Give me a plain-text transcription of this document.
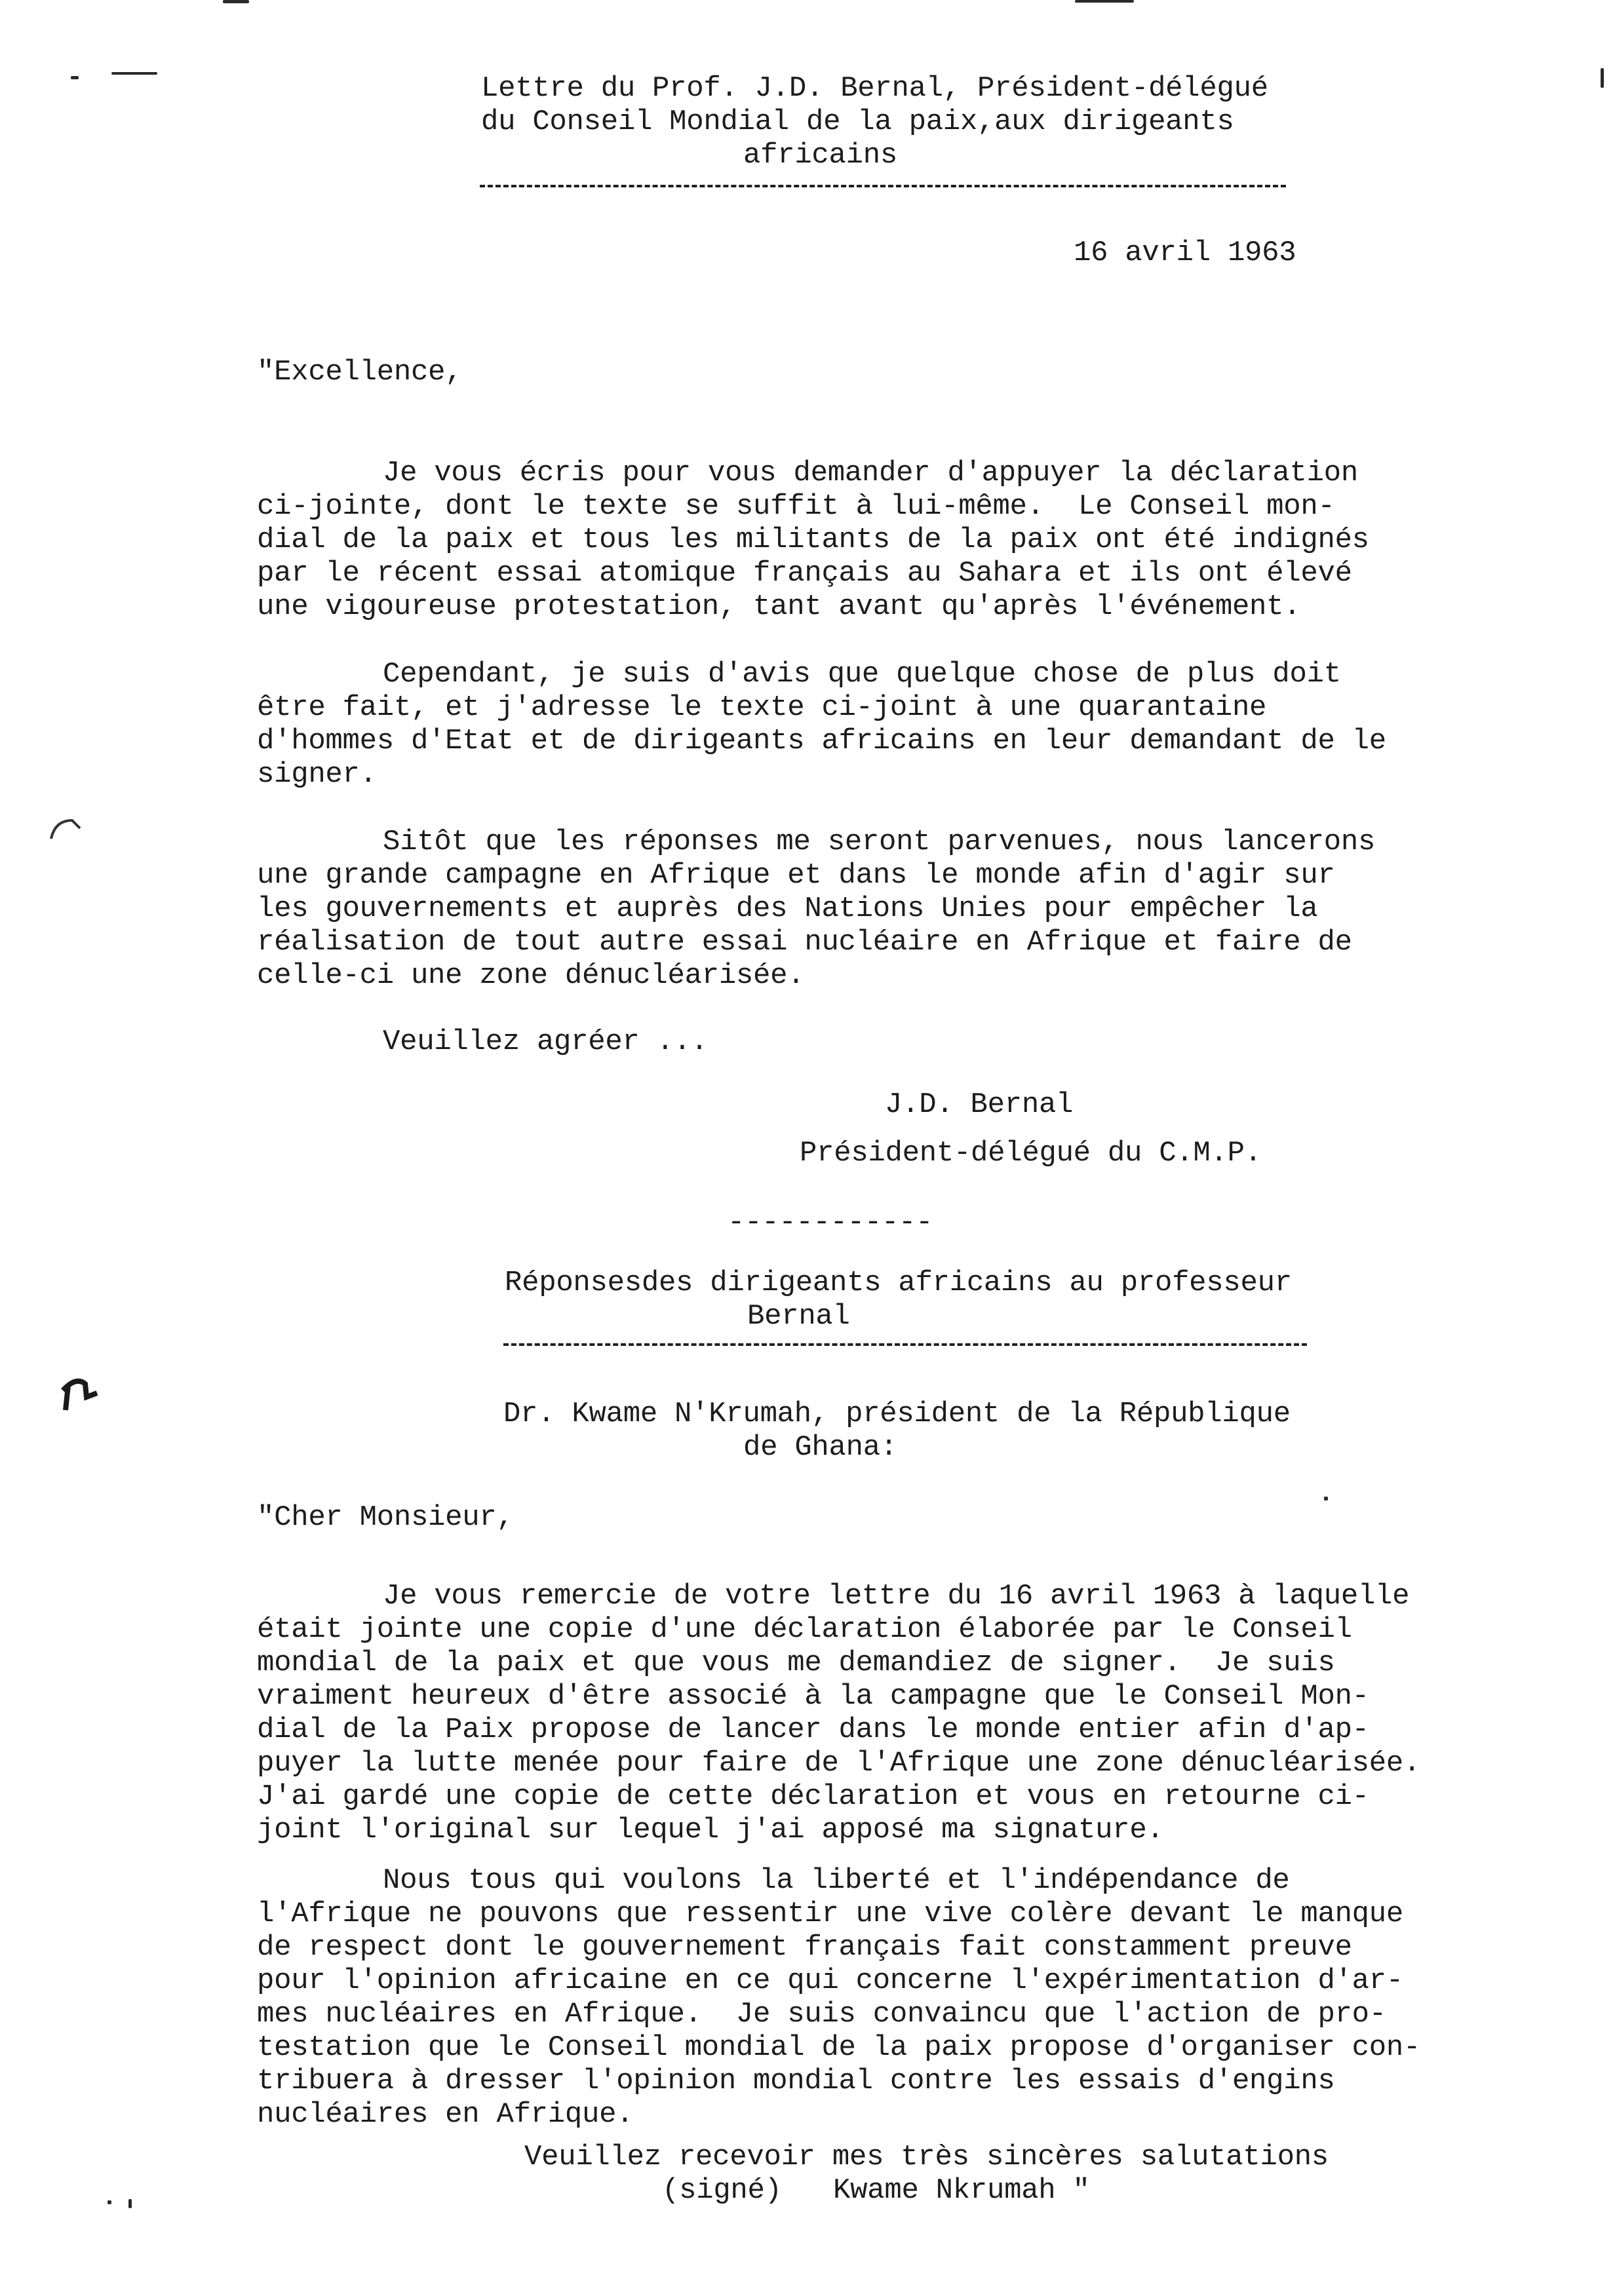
Lettre du Prof. J.D. Bernal, Président-délégué
du Conseil Mondial de la paix,aux dirigeants
africains
16 avril 1963
"Excellence,
Je vous écris pour vous demander d'appuyer la déclaration
ci-jointe, dont le texte se suffit à lui-même.  Le Conseil mon-
dial de la paix et tous les militants de la paix ont été indignés
par le récent essai atomique français au Sahara et ils ont élevé
une vigoureuse protestation, tant avant qu'après l'événement.
Cependant, je suis d'avis que quelque chose de plus doit
être fait, et j'adresse le texte ci-joint à une quarantaine
d'hommes d'Etat et de dirigeants africains en leur demandant de le
signer.
Sitôt que les réponses me seront parvenues, nous lancerons
une grande campagne en Afrique et dans le monde afin d'agir sur
les gouvernements et auprès des Nations Unies pour empêcher la
réalisation de tout autre essai nucléaire en Afrique et faire de
celle-ci une zone dénucléarisée.
Veuillez agréer ...
J.D. Bernal
Président-délégué du C.M.P.
------------
Réponsesdes dirigeants africains au professeur
Bernal
Dr. Kwame N'Krumah, président de la République
de Ghana:
"Cher Monsieur,
Je vous remercie de votre lettre du 16 avril 1963 à laquelle
était jointe une copie d'une déclaration élaborée par le Conseil
mondial de la paix et que vous me demandiez de signer.  Je suis
vraiment heureux d'être associé à la campagne que le Conseil Mon-
dial de la Paix propose de lancer dans le monde entier afin d'ap-
puyer la lutte menée pour faire de l'Afrique une zone dénucléarisée.
J'ai gardé une copie de cette déclaration et vous en retourne ci-
joint l'original sur lequel j'ai apposé ma signature.
Nous tous qui voulons la liberté et l'indépendance de
l'Afrique ne pouvons que ressentir une vive colère devant le manque
de respect dont le gouvernement français fait constamment preuve
pour l'opinion africaine en ce qui concerne l'expérimentation d'ar-
mes nucléaires en Afrique.  Je suis convaincu que l'action de pro-
testation que le Conseil mondial de la paix propose d'organiser con-
tribuera à dresser l'opinion mondial contre les essais d'engins
nucléaires en Afrique.
Veuillez recevoir mes très sincères salutations
(signé)   Kwame Nkrumah "
